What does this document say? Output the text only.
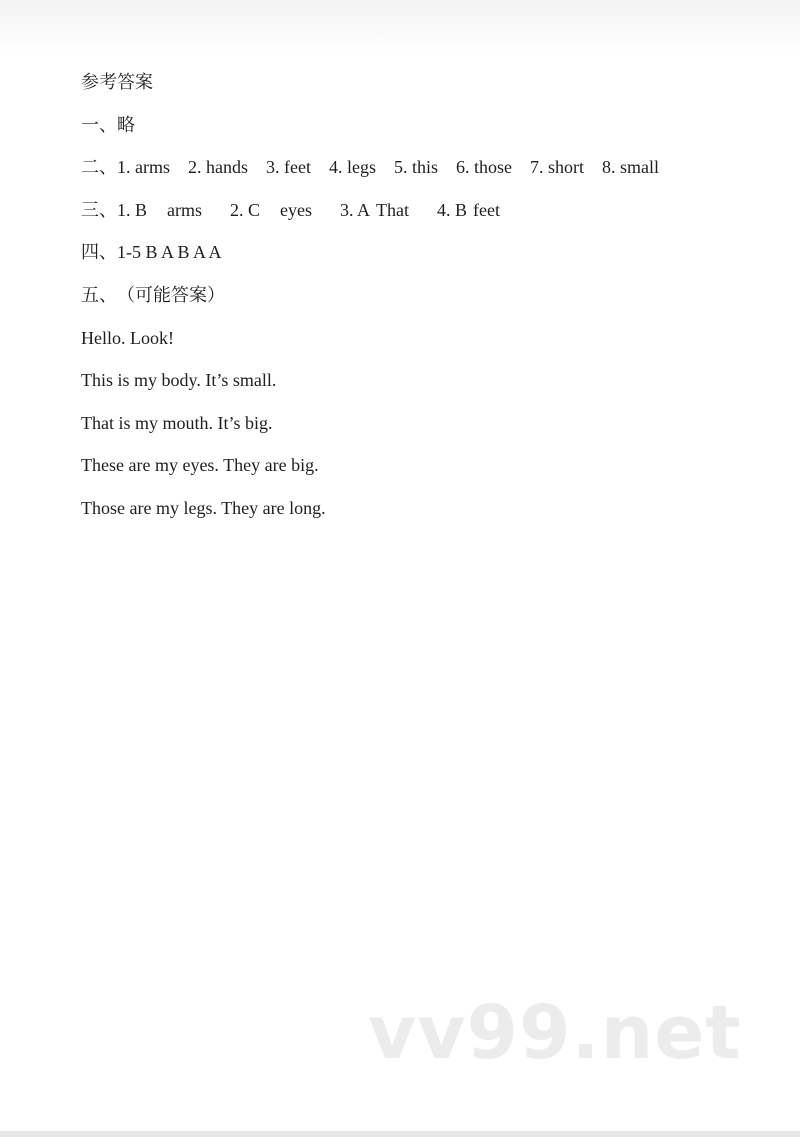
参考答案
一、略
二、1. arms 2. hands 3. feet 4. legs 5. this 6. those 7. short 8. small
三、1. B arms 2. C eyes 3. A That 4. B feet
四、1-5 B A B A A
五、（可能答案）
Hello. Look!
This is my body. It’s small.
That is my mouth. It’s big.
These are my eyes. They are big.
Those are my legs. They are long.
vv99.net
